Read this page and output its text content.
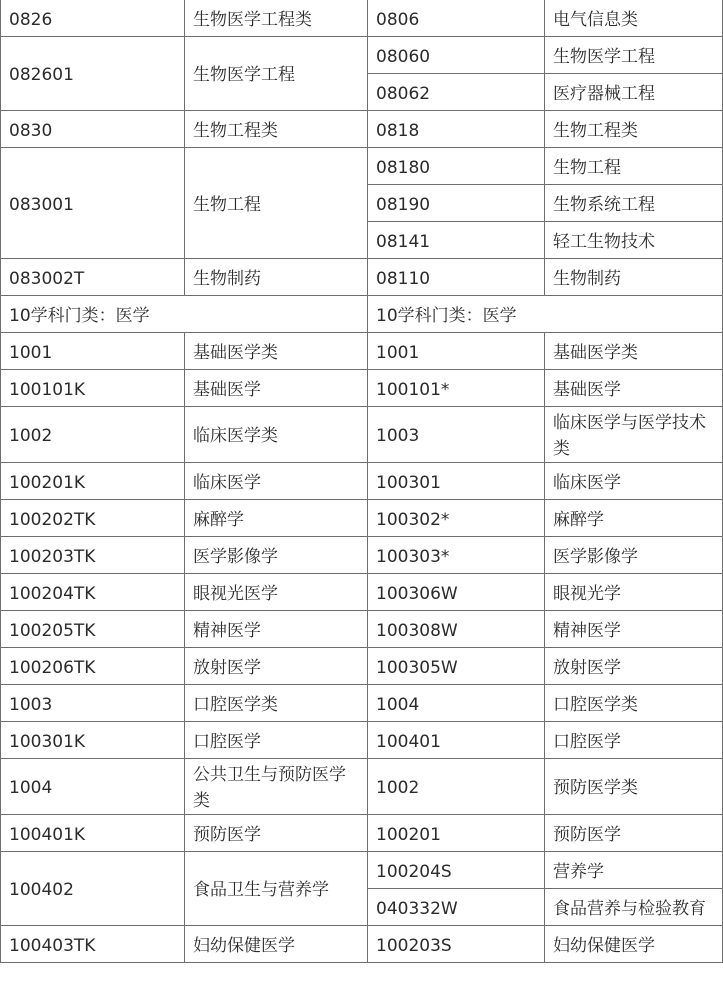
0826	生物医学工程类	0806	电气信息类
082601	生物医学工程	08060	生物医学工程
		08062	医疗器械工程
0830	生物工程类	0818	生物工程类
083001	生物工程	08180	生物工程
		08190	生物系统工程
		08141	轻工生物技术
083002T	生物制药	08110	生物制药
10学科门类：医学		10学科门类：医学	
1001	基础医学类	1001	基础医学类
100101K	基础医学	100101*	基础医学
1002	临床医学类	1003	临床医学与医学技术类
100201K	临床医学	100301	临床医学
100202TK	麻醉学	100302*	麻醉学
100203TK	医学影像学	100303*	医学影像学
100204TK	眼视光医学	100306W	眼视光学
100205TK	精神医学	100308W	精神医学
100206TK	放射医学	100305W	放射医学
1003	口腔医学类	1004	口腔医学类
100301K	口腔医学	100401	口腔医学
1004	公共卫生与预防医学类	1002	预防医学类
100401K	预防医学	100201	预防医学
100402	食品卫生与营养学	100204S	营养学
		040332W	食品营养与检验教育
100403TK	妇幼保健医学	100203S	妇幼保健医学
